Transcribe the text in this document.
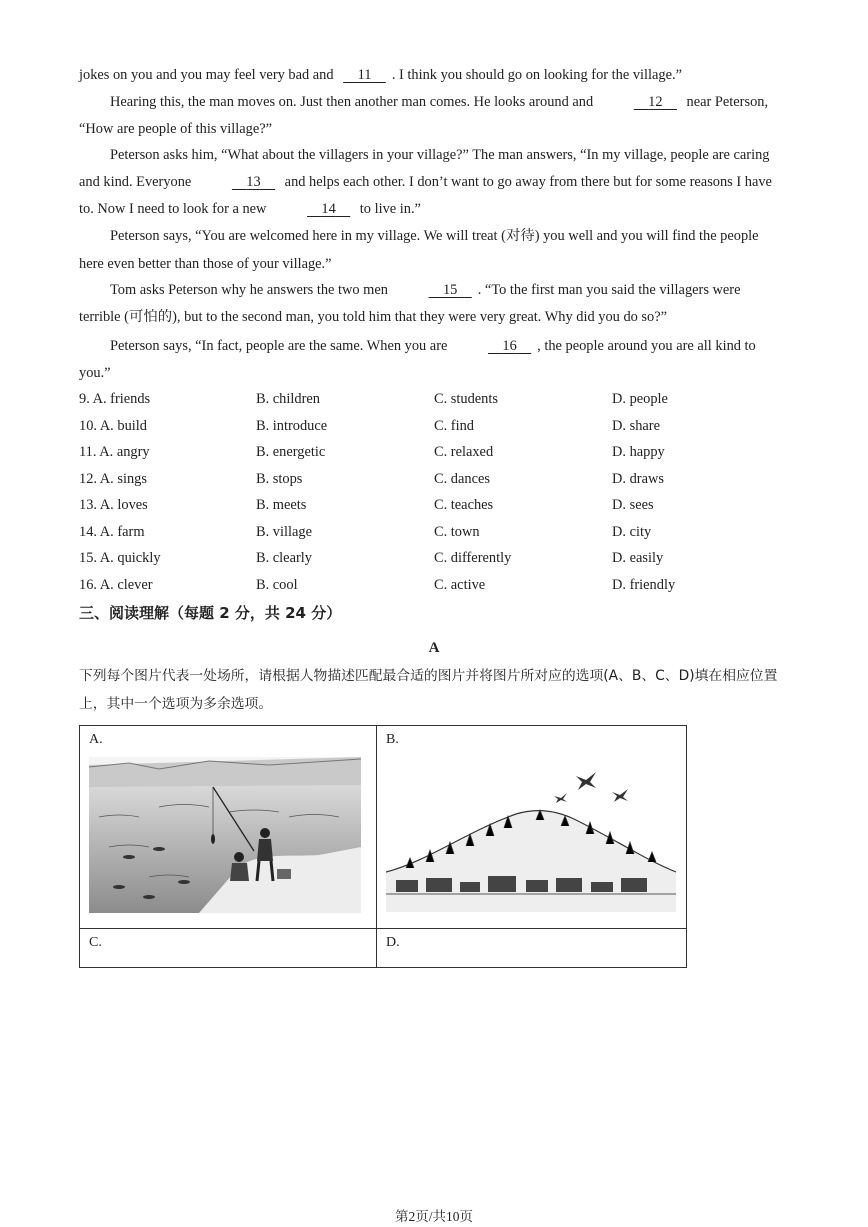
jokes on you and you may feel very bad and 11 . I think you should go on looking for the village.”

Hearing this, the man moves on. Just then another man comes. He looks around and	12 near Peterson, “How are people of this village?”

Peterson asks him, “What about the villagers in your village?” The man answers, “In my village, people are caring and kind. Everyone	13 and helps each other. I don’t want to go away from there but for some reasons I have to. Now I need to look for a new	14 to live in.”

Peterson says, “You are welcomed here in my village. We will treat (对待) you well and you will find the people here even better than those of your village.”

Tom asks Peterson why he answers the two men	15 . “To the first man you said the villagers were terrible (可怕的), but to the second man, you told him that they were very great. Why did you do so?”

Peterson says, “In fact, people are the same. When you are	16 , the people around you are all kind to you.”

9. A. friends	B. children	C. students	D. people
10. A. build	B. introduce	C. find	D. share
11. A. angry	B. energetic	C. relaxed	D. happy
12. A. sings	B. stops	C. dances	D. draws
13. A. loves	B. meets	C. teaches	D. sees
14. A. farm	B. village	C. town	D. city
15. A. quickly	B. clearly	C. differently	D. easily
16. A. clever	B. cool	C. active	D. friendly
三、阅读理解（每题 2 分，共 24 分）
A
下列每个图片代表一处场所，请根据人物描述匹配最合适的图片并将图片所对应的选项(A、B、C、D)填在相应位置上，其中一个选项为多余选项。
A.	B.

C.	D.
第2页/共10页
